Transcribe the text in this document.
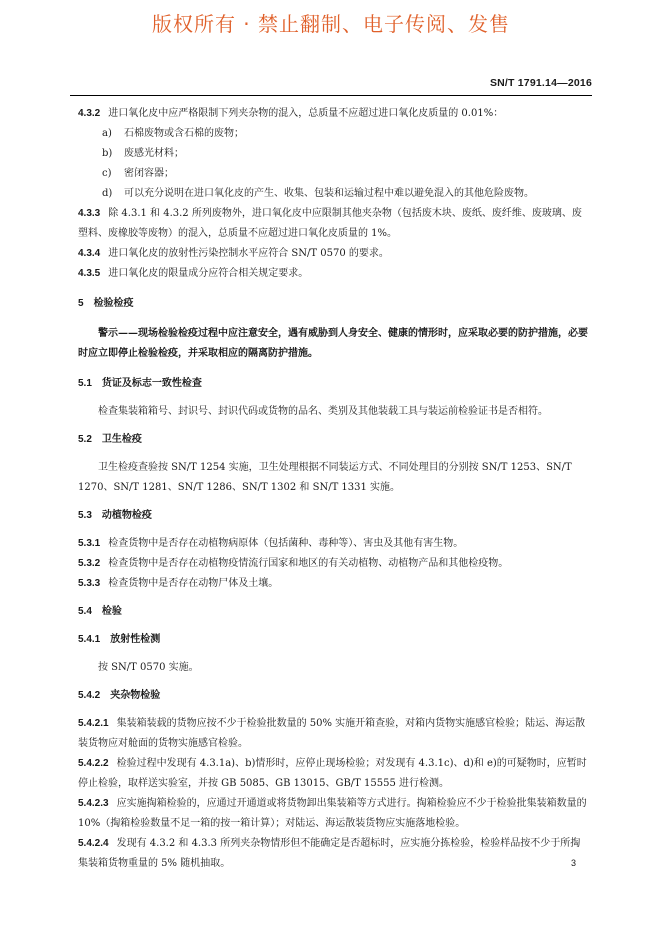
版权所有 · 禁止翻制、电子传阅、发售
SN/T 1791.14—2016

4.3.2 进口氧化皮中应严格限制下列夹杂物的混入，总质量不应超过进口氧化皮质量的 0.01%：

a) 石棉废物或含石棉的废物；
b) 废感光材料；
c) 密闭容器；
d) 可以充分说明在进口氧化皮的产生、收集、包装和运输过程中难以避免混入的其他危险废物。

4.3.3 除 4.3.1 和 4.3.2 所列废物外，进口氧化皮中应限制其他夹杂物（包括废木块、废纸、废纤维、废玻璃、废塑料、废橡胶等废物）的混入，总质量不应超过进口氧化皮质量的 1%。

4.3.4 进口氧化皮的放射性污染控制水平应符合 SN/T 0570 的要求。

4.3.5 进口氧化皮的限量成分应符合相关规定要求。

5 检验检疫

警示——现场检验检疫过程中应注意安全，遇有威胁到人身安全、健康的情形时，应采取必要的防护措施，必要时应立即停止检验检疫，并采取相应的隔离防护措施。

5.1 货证及标志一致性检查

检查集装箱箱号、封识号、封识代码或货物的品名、类别及其他装载工具与装运前检验证书是否相符。

5.2 卫生检疫

卫生检疫查验按 SN/T 1254 实施，卫生处理根据不同装运方式、不同处理目的分别按 SN/T 1253、SN/T 1270、SN/T 1281、SN/T 1286、SN/T 1302 和 SN/T 1331 实施。

5.3 动植物检疫

5.3.1 检查货物中是否存在动植物病原体（包括菌种、毒种等）、害虫及其他有害生物。

5.3.2 检查货物中是否存在动植物疫情流行国家和地区的有关动植物、动植物产品和其他检疫物。

5.3.3 检查货物中是否存在动物尸体及土壤。

5.4 检验
5.4.1 放射性检测

按 SN/T 0570 实施。

5.4.2 夹杂物检验

5.4.2.1 集装箱装载的货物应按不少于检验批数量的 50% 实施开箱查验，对箱内货物实施感官检验；陆运、海运散装货物应对舱面的货物实施感官检验。

5.4.2.2 检验过程中发现有 4.3.1a)、b)情形时，应停止现场检验；对发现有 4.3.1c)、d)和 e)的可疑物时，应暂时停止检验，取样送实验室，并按 GB 5085、GB 13015、GB/T 15555 进行检测。

5.4.2.3 应实施掏箱检验的，应通过开通道或将货物卸出集装箱等方式进行。掏箱检验应不少于检验批集装箱数量的 10%（掏箱检验数量不足一箱的按一箱计算）；对陆运、海运散装货物应实施落地检验。

5.4.2.4 发现有 4.3.2 和 4.3.3 所列夹杂物情形但不能确定是否超标时，应实施分拣检验，检验样品按不少于所掏集装箱货物重量的 5% 随机抽取。	3
